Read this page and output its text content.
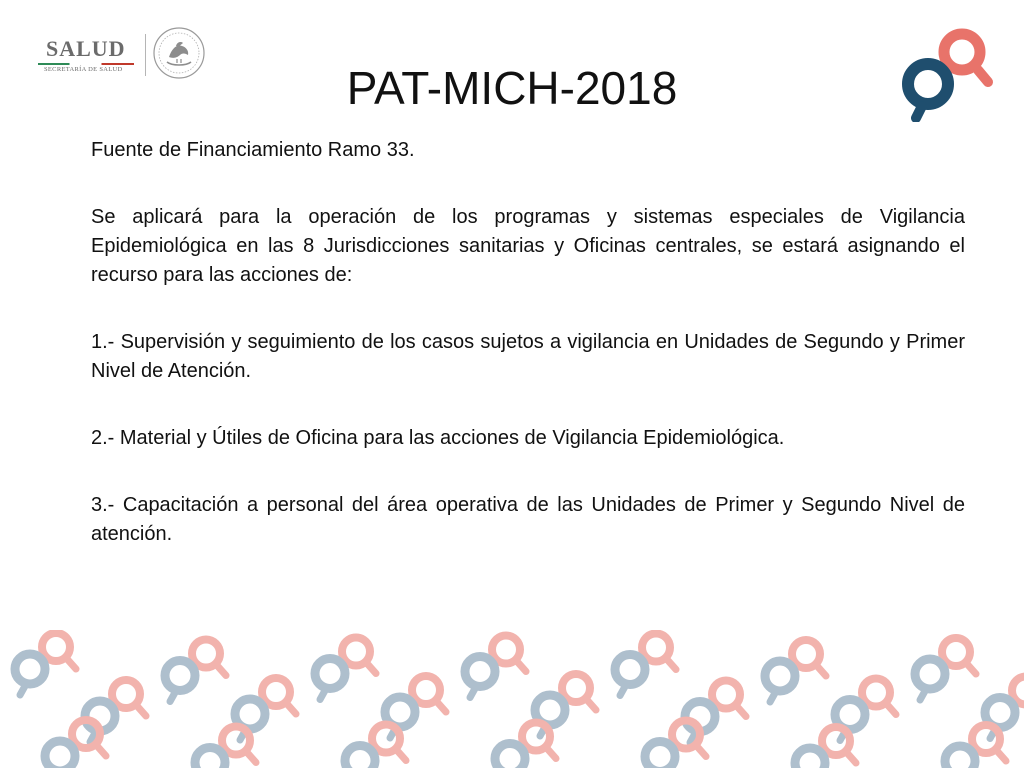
SALUD
SECRETARÍA DE SALUD	PAT-MICH-2018

Fuente de Financiamiento Ramo 33.

Se aplicará para la operación de los programas y sistemas especiales de Vigilancia Epidemiológica en las 8 Jurisdicciones sanitarias y Oficinas centrales, se estará asignando el recurso para las acciones de:

1.- Supervisión y seguimiento de los casos sujetos a vigilancia en Unidades de Segundo y Primer Nivel de Atención.

2.- Material y Útiles de Oficina para las acciones de Vigilancia Epidemiológica.

3.- Capacitación a personal del área operativa de las Unidades de Primer y Segundo Nivel de atención.
